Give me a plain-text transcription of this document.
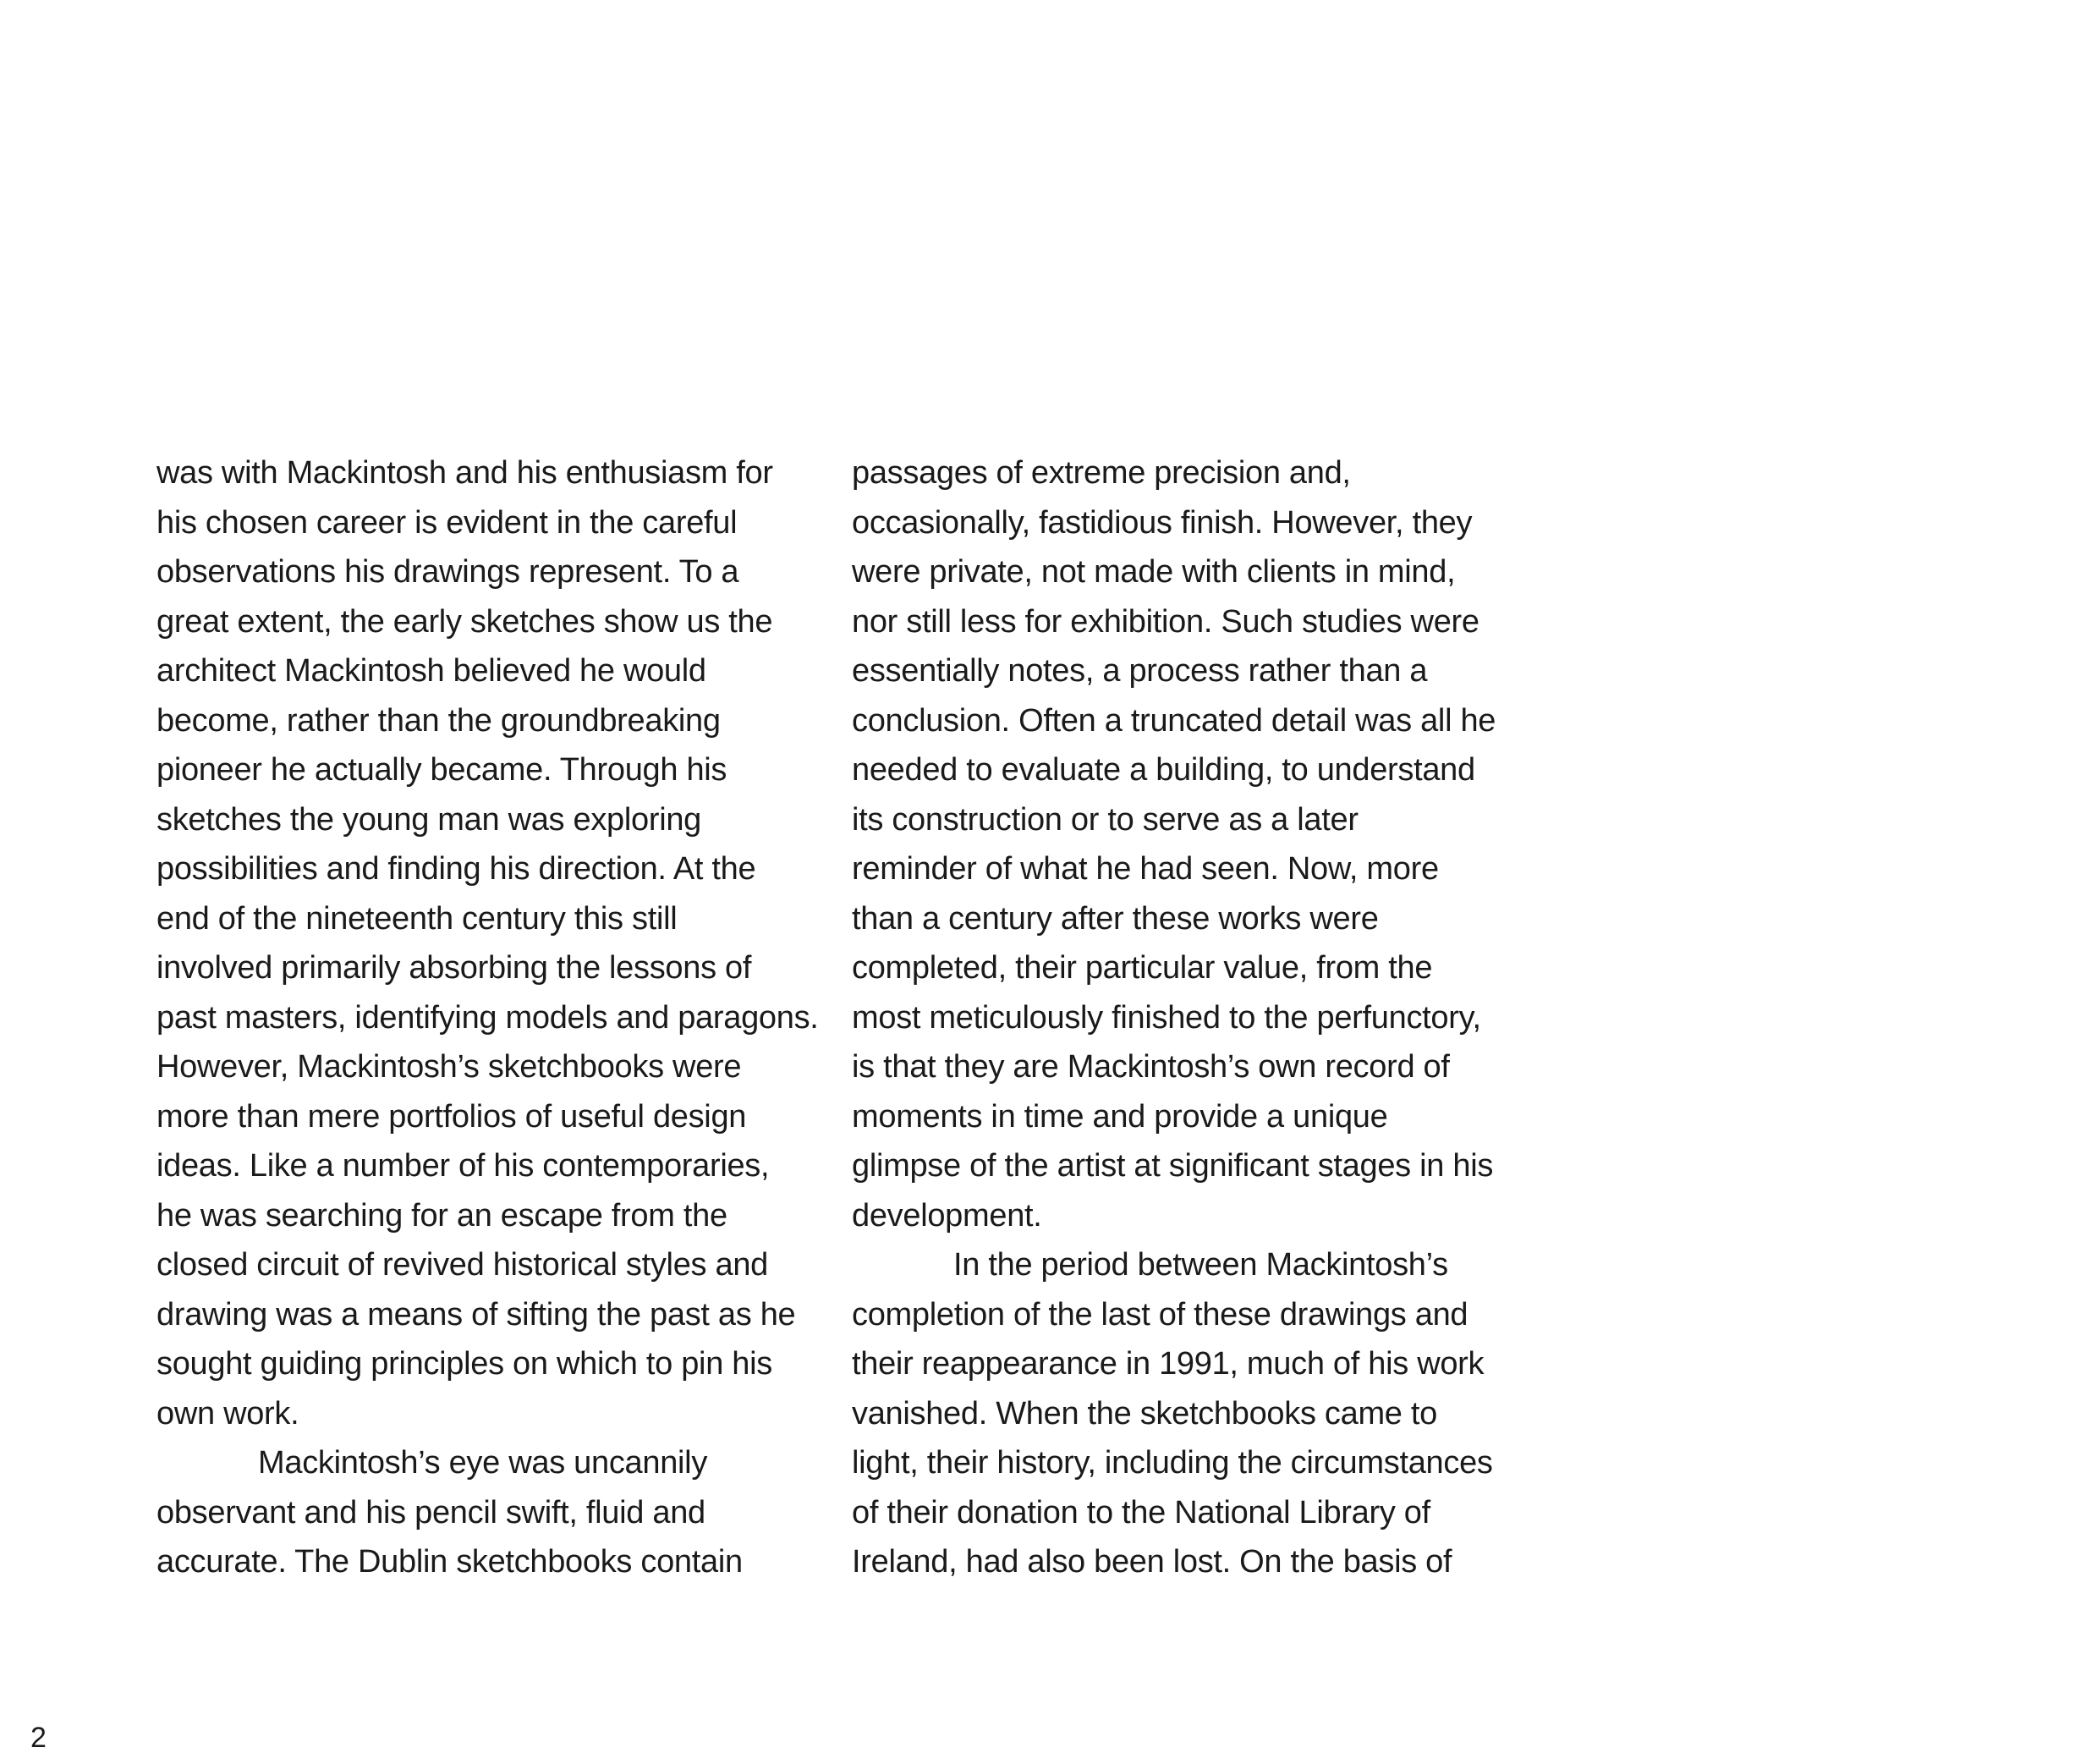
was with Mackintosh and his enthusiasm for
his chosen career is evident in the careful
observations his drawings represent. To a
great extent, the early sketches show us the
architect Mackintosh believed he would
become, rather than the groundbreaking
pioneer he actually became. Through his
sketches the young man was exploring
possibilities and finding his direction. At the
end of the nineteenth century this still
involved primarily absorbing the lessons of
past masters, identifying models and paragons.
However, Mackintosh’s sketchbooks were
more than mere portfolios of useful design
ideas. Like a number of his contemporaries,
he was searching for an escape from the
closed circuit of revived historical styles and
drawing was a means of sifting the past as he
sought guiding principles on which to pin his
own work.
Mackintosh’s eye was uncannily
observant and his pencil swift, fluid and
accurate. The Dublin sketchbooks contain
passages of extreme precision and,
occasionally, fastidious finish. However, they
were private, not made with clients in mind,
nor still less for exhibition. Such studies were
essentially notes, a process rather than a
conclusion. Often a truncated detail was all he
needed to evaluate a building, to understand
its construction or to serve as a later
reminder of what he had seen. Now, more
than a century after these works were
completed, their particular value, from the
most meticulously finished to the perfunctory,
is that they are Mackintosh’s own record of
moments in time and provide a unique
glimpse of the artist at significant stages in his
development.
In the period between Mackintosh’s
completion of the last of these drawings and
their reappearance in 1991, much of his work
vanished. When the sketchbooks came to
light, their history, including the circumstances
of their donation to the National Library of
Ireland, had also been lost. On the basis of
2
